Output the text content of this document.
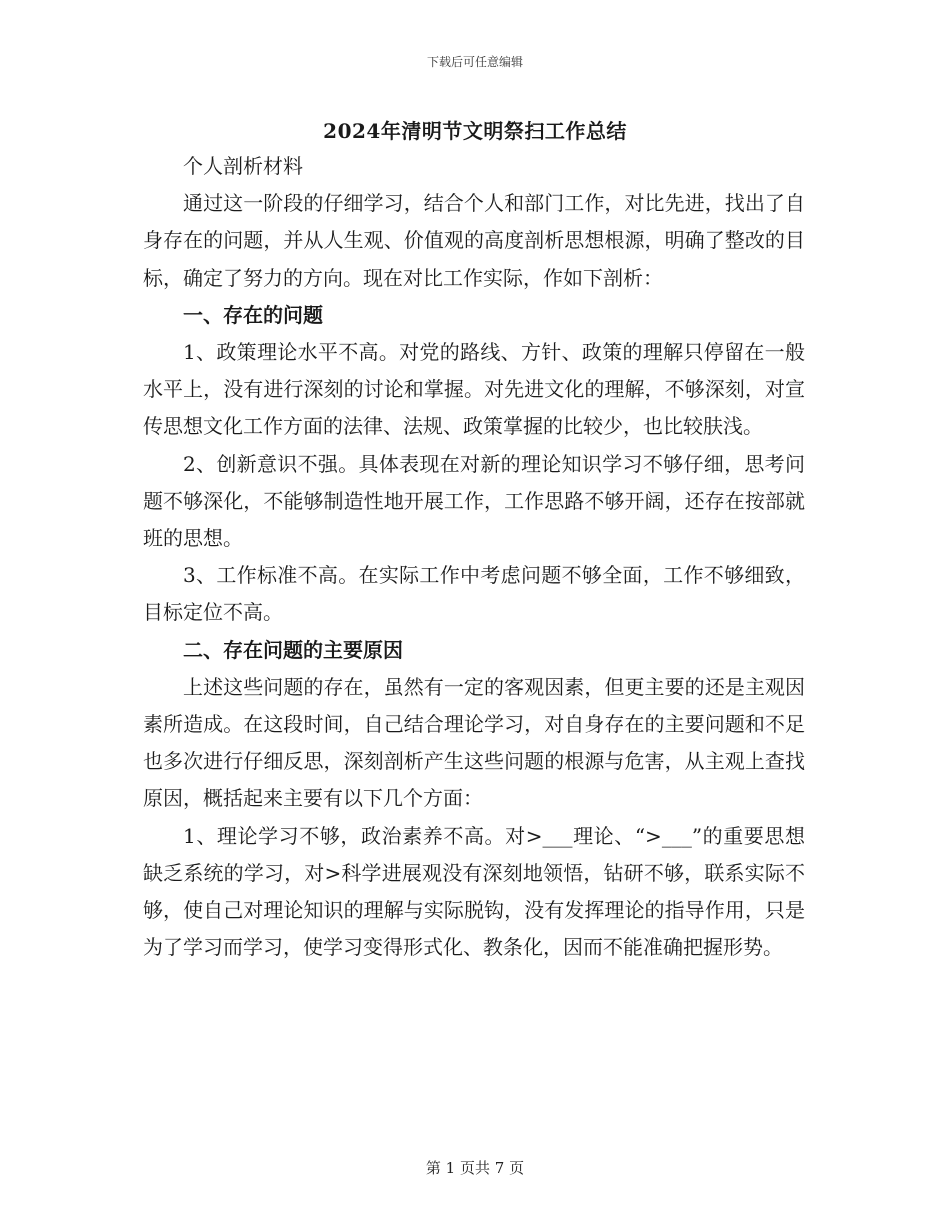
下载后可任意编辑
2024年清明节文明祭扫工作总结

个人剖析材料

通过这一阶段的仔细学习，结合个人和部门工作，对比先进，找出了自身存在的问题，并从人生观、价值观的高度剖析思想根源，明确了整改的目标，确定了努力的方向。现在对比工作实际，作如下剖析：

一、存在的问题

1、政策理论水平不高。对党的路线、方针、政策的理解只停留在一般水平上，没有进行深刻的讨论和掌握。对先进文化的理解，不够深刻，对宣传思想文化工作方面的法律、法规、政策掌握的比较少，也比较肤浅。

2、创新意识不强。具体表现在对新的理论知识学习不够仔细，思考问题不够深化，不能够制造性地开展工作，工作思路不够开阔，还存在按部就班的思想。

3、工作标准不高。在实际工作中考虑问题不够全面，工作不够细致，目标定位不高。

二、存在问题的主要原因

上述这些问题的存在，虽然有一定的客观因素，但更主要的还是主观因素所造成。在这段时间，自己结合理论学习，对自身存在的主要问题和不足也多次进行仔细反思，深刻剖析产生这些问题的根源与危害，从主观上查找原因，概括起来主要有以下几个方面：

1、理论学习不够，政治素养不高。对>___理论、“>___”的重要思想缺乏系统的学习，对>科学进展观没有深刻地领悟，钻研不够，联系实际不够，使自己对理论知识的理解与实际脱钩，没有发挥理论的指导作用，只是为了学习而学习，使学习变得形式化、教条化，因而不能准确把握形势。

第 1 页共 7 页
